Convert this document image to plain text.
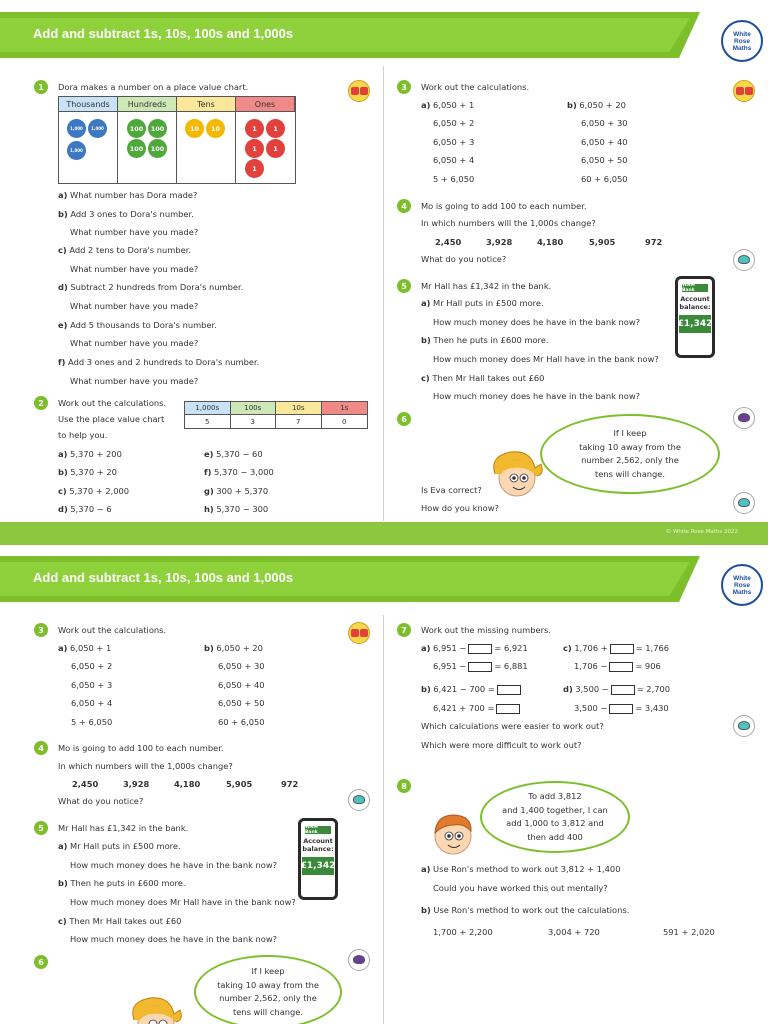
Add and subtract 1s, 10s, 100s and 1,000s	White
Rose
Maths
1	Dora makes a number on a place value chart.
Thousands	Hundreds	Tens	Ones
1,000	1,000
1,000
100	100
100	100
10	10	1	1
1	1
1
a) What number has Dora made?
b) Add 3 ones to Dora's number.
What number have you made?
c) Add 2 tens to Dora's number.
What number have you made?
d) Subtract 2 hundreds from Dora's number.
What number have you made?
e) Add 5 thousands to Dora's number.
What number have you made?
f) Add 3 ones and 2 hundreds to Dora's number.
What number have you made?
2	Work out the calculations.
Use the place value chart
to help you.
1,000s	100s	10s	1s
5	3	7	0
a) 5,370 + 200
b) 5,370 + 20
c) 5,370 + 2,000
d) 5,370 − 6
e) 5,370 − 60
f) 5,370 − 3,000
g) 300 + 5,370
h) 5,370 − 300
3	Work out the calculations.
a) 6,050 + 1
6,050 + 2
6,050 + 3
6,050 + 4
5 + 6,050
b) 6,050 + 20
6,050 + 30
6,050 + 40
6,050 + 50
60 + 6,050
4	Mo is going to add 100 to each number.
In which numbers will the 1,000s change?
2,450	3,928	4,180	5,905	972
What do you notice?
5	Mr Hall has £1,342 in the bank.
a) Mr Hall puts in £500 more.
How much money does he have in the bank now?
b) Then he puts in £600 more.
How much money does Mr Hall have in the bank now?
c) Then Mr Hall takes out £60
How much money does he have in the bank now?
WRM Bank
Account balance:
£1,342
6
If I keep
taking 10 away from the
number 2,562, only the
tens will change.
Is Eva correct?
How do you know?
© White Rose Maths 2022
Add and subtract 1s, 10s, 100s and 1,000s	White
Rose
Maths
3	Work out the calculations.
a) 6,050 + 1
6,050 + 2
6,050 + 3
6,050 + 4
5 + 6,050
b) 6,050 + 20
6,050 + 30
6,050 + 40
6,050 + 50
60 + 6,050
4	Mo is going to add 100 to each number.
In which numbers will the 1,000s change?
2,450	3,928	4,180	5,905	972
What do you notice?
5	Mr Hall has £1,342 in the bank.
a) Mr Hall puts in £500 more.
How much money does he have in the bank now?
b) Then he puts in £600 more.
How much money does Mr Hall have in the bank now?
c) Then Mr Hall takes out £60
How much money does he have in the bank now?
WRM Bank
Account balance:
£1,342
6
If I keep
taking 10 away from the
number 2,562, only the
tens will change.
7	Work out the missing numbers.
a) 6,951 −	= 6,921
6,951 −	= 6,881
c) 1,706 +	= 1,766
1,706 −	= 906
b) 6,421 − 700 =
6,421 + 700 =
d) 3,500 −	= 2,700
3,500 −	= 3,430
Which calculations were easier to work out?
Which were more difficult to work out?
8
To add 3,812
and 1,400 together, I can
add 1,000 to 3,812 and
then add 400
a) Use Ron's method to work out 3,812 + 1,400
Could you have worked this out mentally?
b) Use Ron's method to work out the calculations.
1,700 + 2,200	3,004 + 720	591 + 2,020
